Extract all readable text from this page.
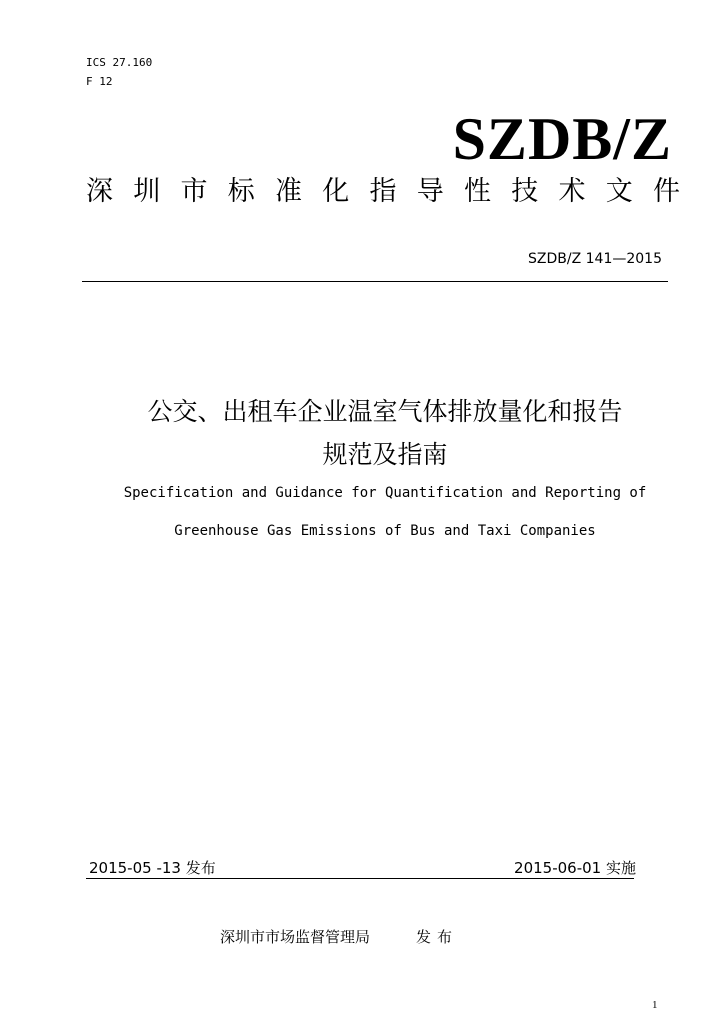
ICS 27.160
F 12
SZDB/Z
深 圳 市 标 准 化 指 导 性 技 术 文 件
SZDB/Z 141—2015
公交、出租车企业温室气体排放量化和报告
规范及指南
Specification and Guidance for Quantification and Reporting of
Greenhouse Gas Emissions of Bus and Taxi Companies
2015-05 -13 发布	2015-06-01 实施
深圳市市场监督管理局	发布
1
